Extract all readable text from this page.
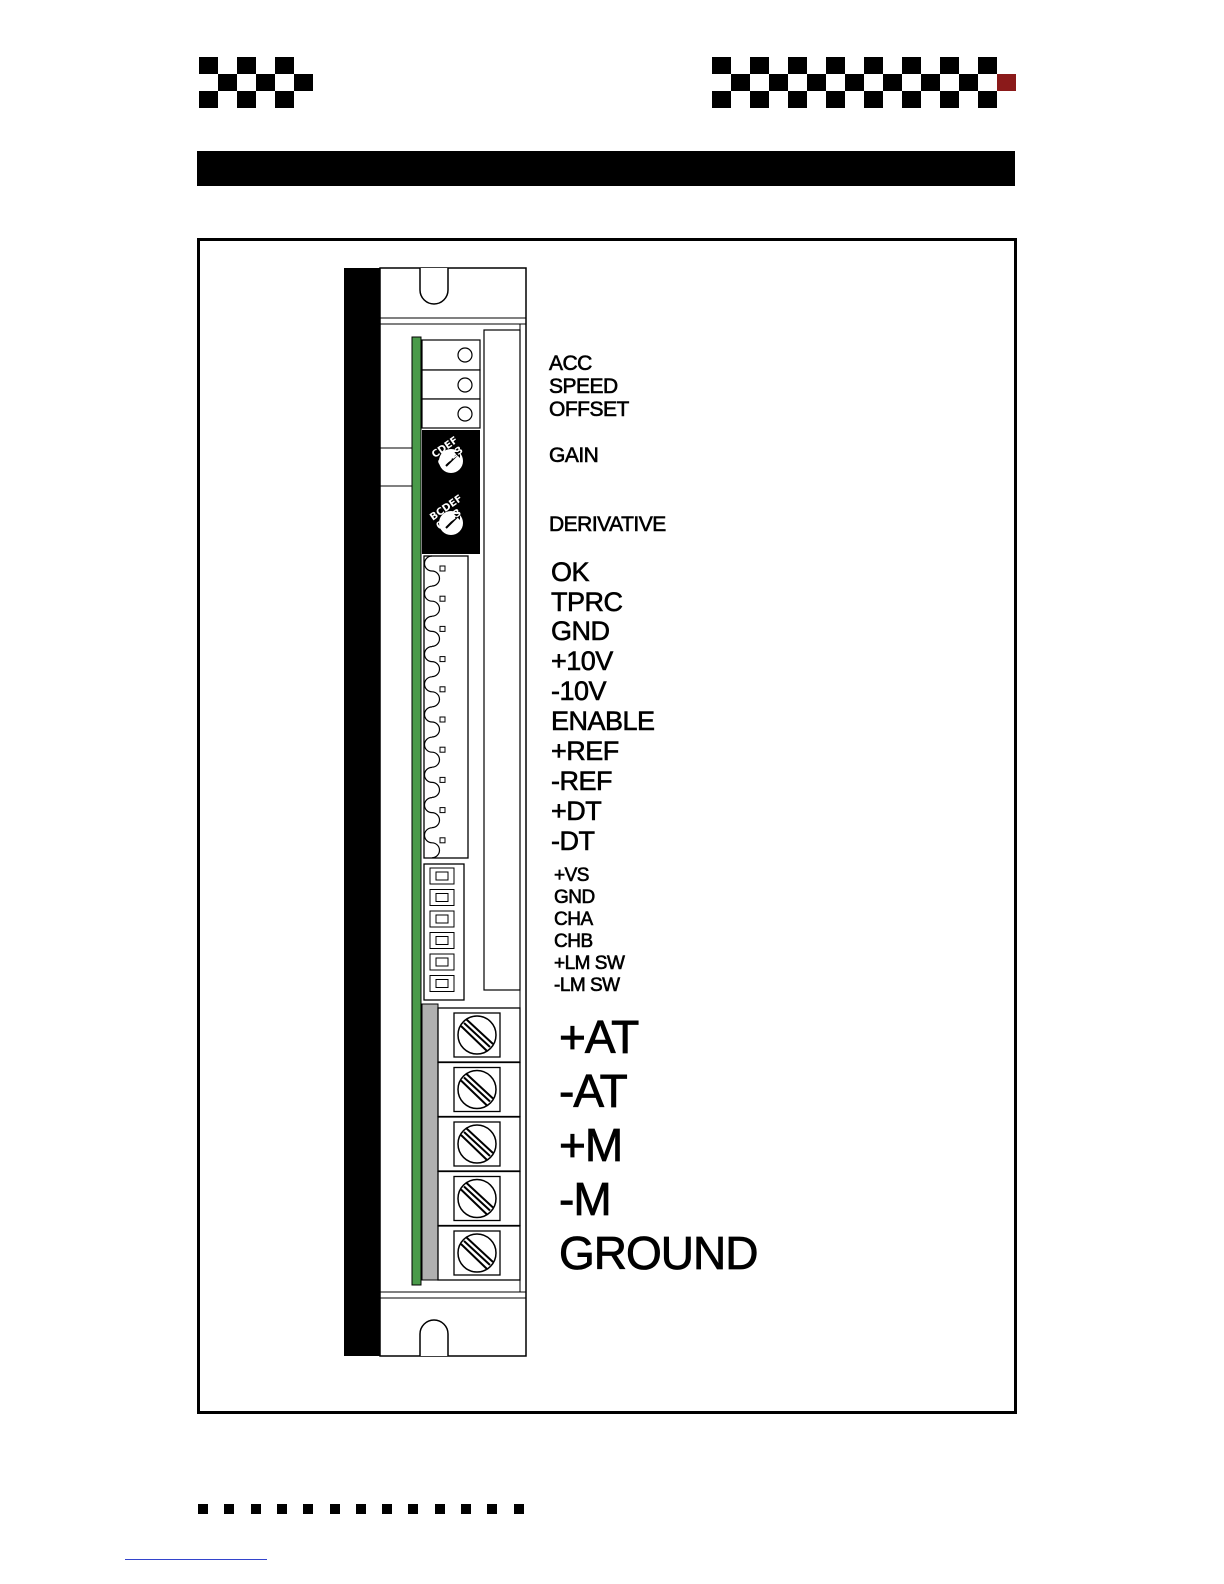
CDEF 0123
BCDEF 0123
ACC
SPEED
OFFSET
GAIN
DERIVATIVE
OK
TPRC
GND
+10V
-10V
ENABLE
+REF
-REF
+DT
-DT
+VS
GND
CHA
CHB
+LM SW
-LM SW
+AT
-AT
+M
-M
GROUND
